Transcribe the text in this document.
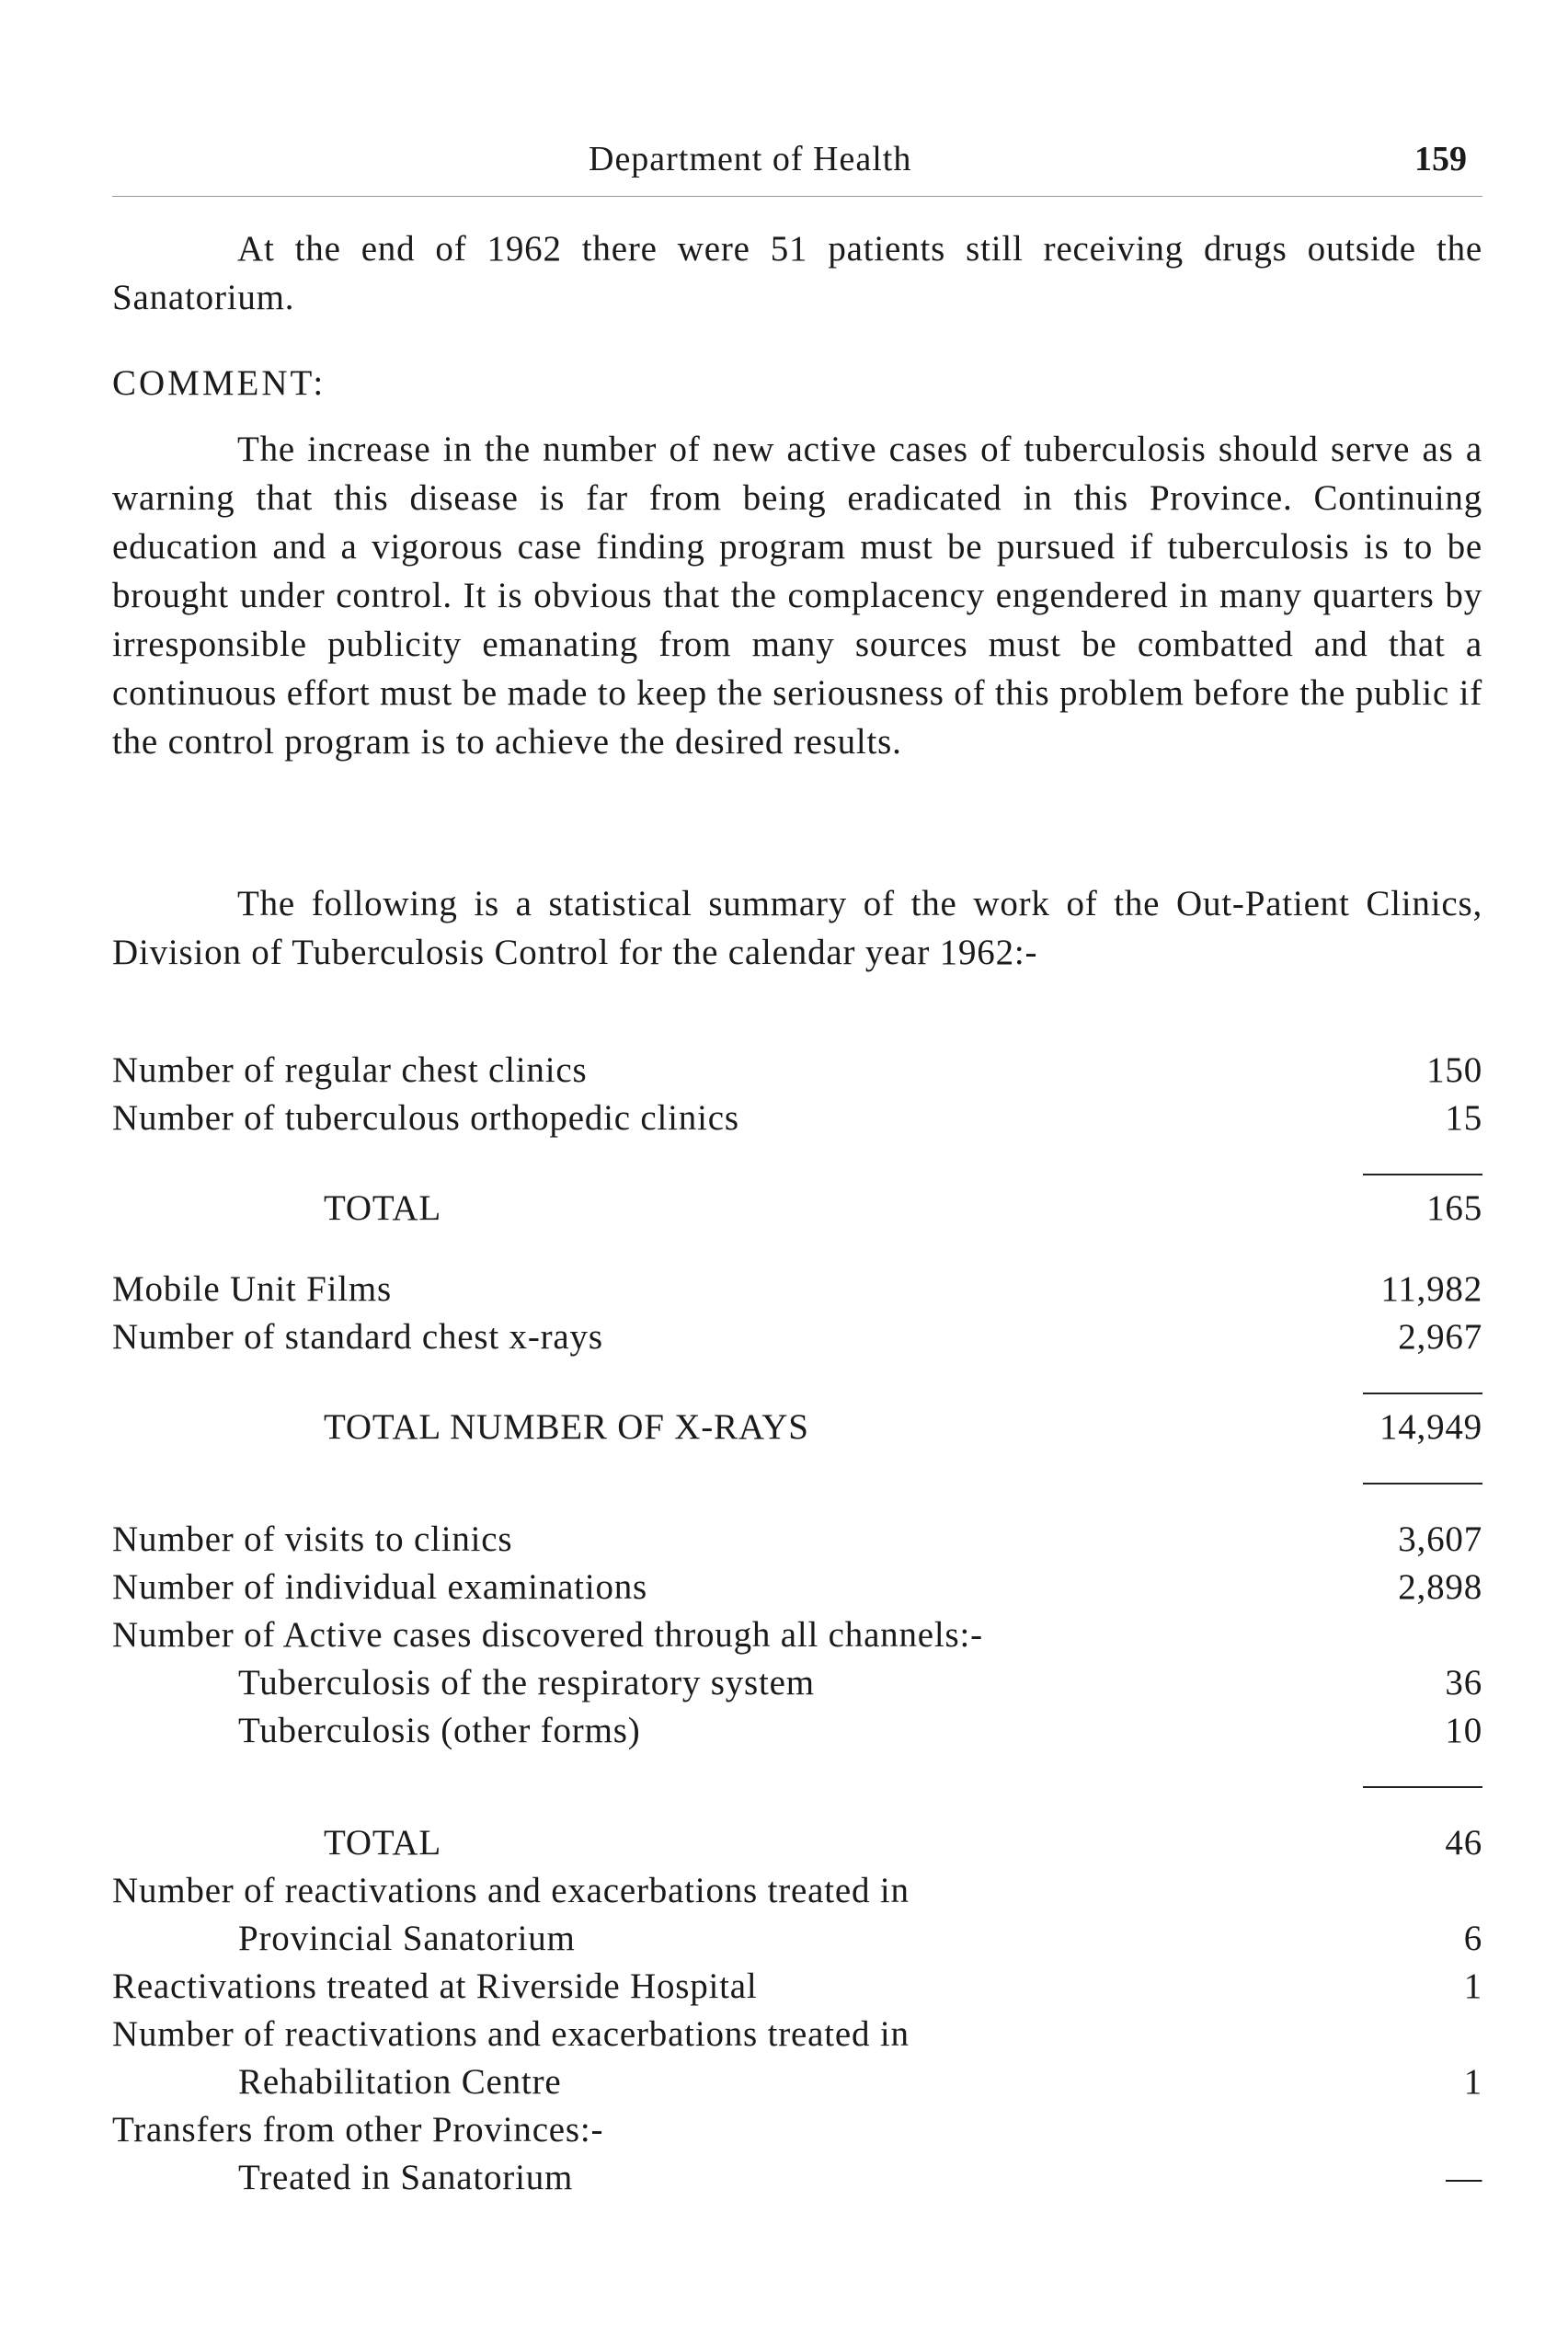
Department of Health	159

At the end of 1962 there were 51 patients still receiving drugs outside the Sanatorium.

COMMENT:

The increase in the number of new active cases of tuberculosis should serve as a warning that this disease is far from being eradicated in this Province. Continuing education and a vigorous case finding program must be pursued if tuberculosis is to be brought under control. It is obvious that the complacency engendered in many quarters by irresponsible publicity emanating from many sources must be combatted and that a continuous effort must be made to keep the seriousness of this problem before the public if the control program is to achieve the desired results.

The following is a statistical summary of the work of the Out-Patient Clinics, Division of Tuberculosis Control for the calendar year 1962:-

Number of regular chest clinics	150
Number of tuberculous orthopedic clinics	15
TOTAL	165
Mobile Unit Films	11,982
Number of standard chest x-rays	2,967
TOTAL NUMBER OF X-RAYS	14,949
Number of visits to clinics	3,607
Number of individual examinations	2,898
Number of Active cases discovered through all channels:-
Tuberculosis of the respiratory system	36
Tuberculosis (other forms)	10
TOTAL	46
Number of reactivations and exacerbations treated in
Provincial Sanatorium	6
Reactivations treated at Riverside Hospital	1
Number of reactivations and exacerbations treated in
Rehabilitation Centre	1
Transfers from other Provinces:-
Treated in Sanatorium	—
